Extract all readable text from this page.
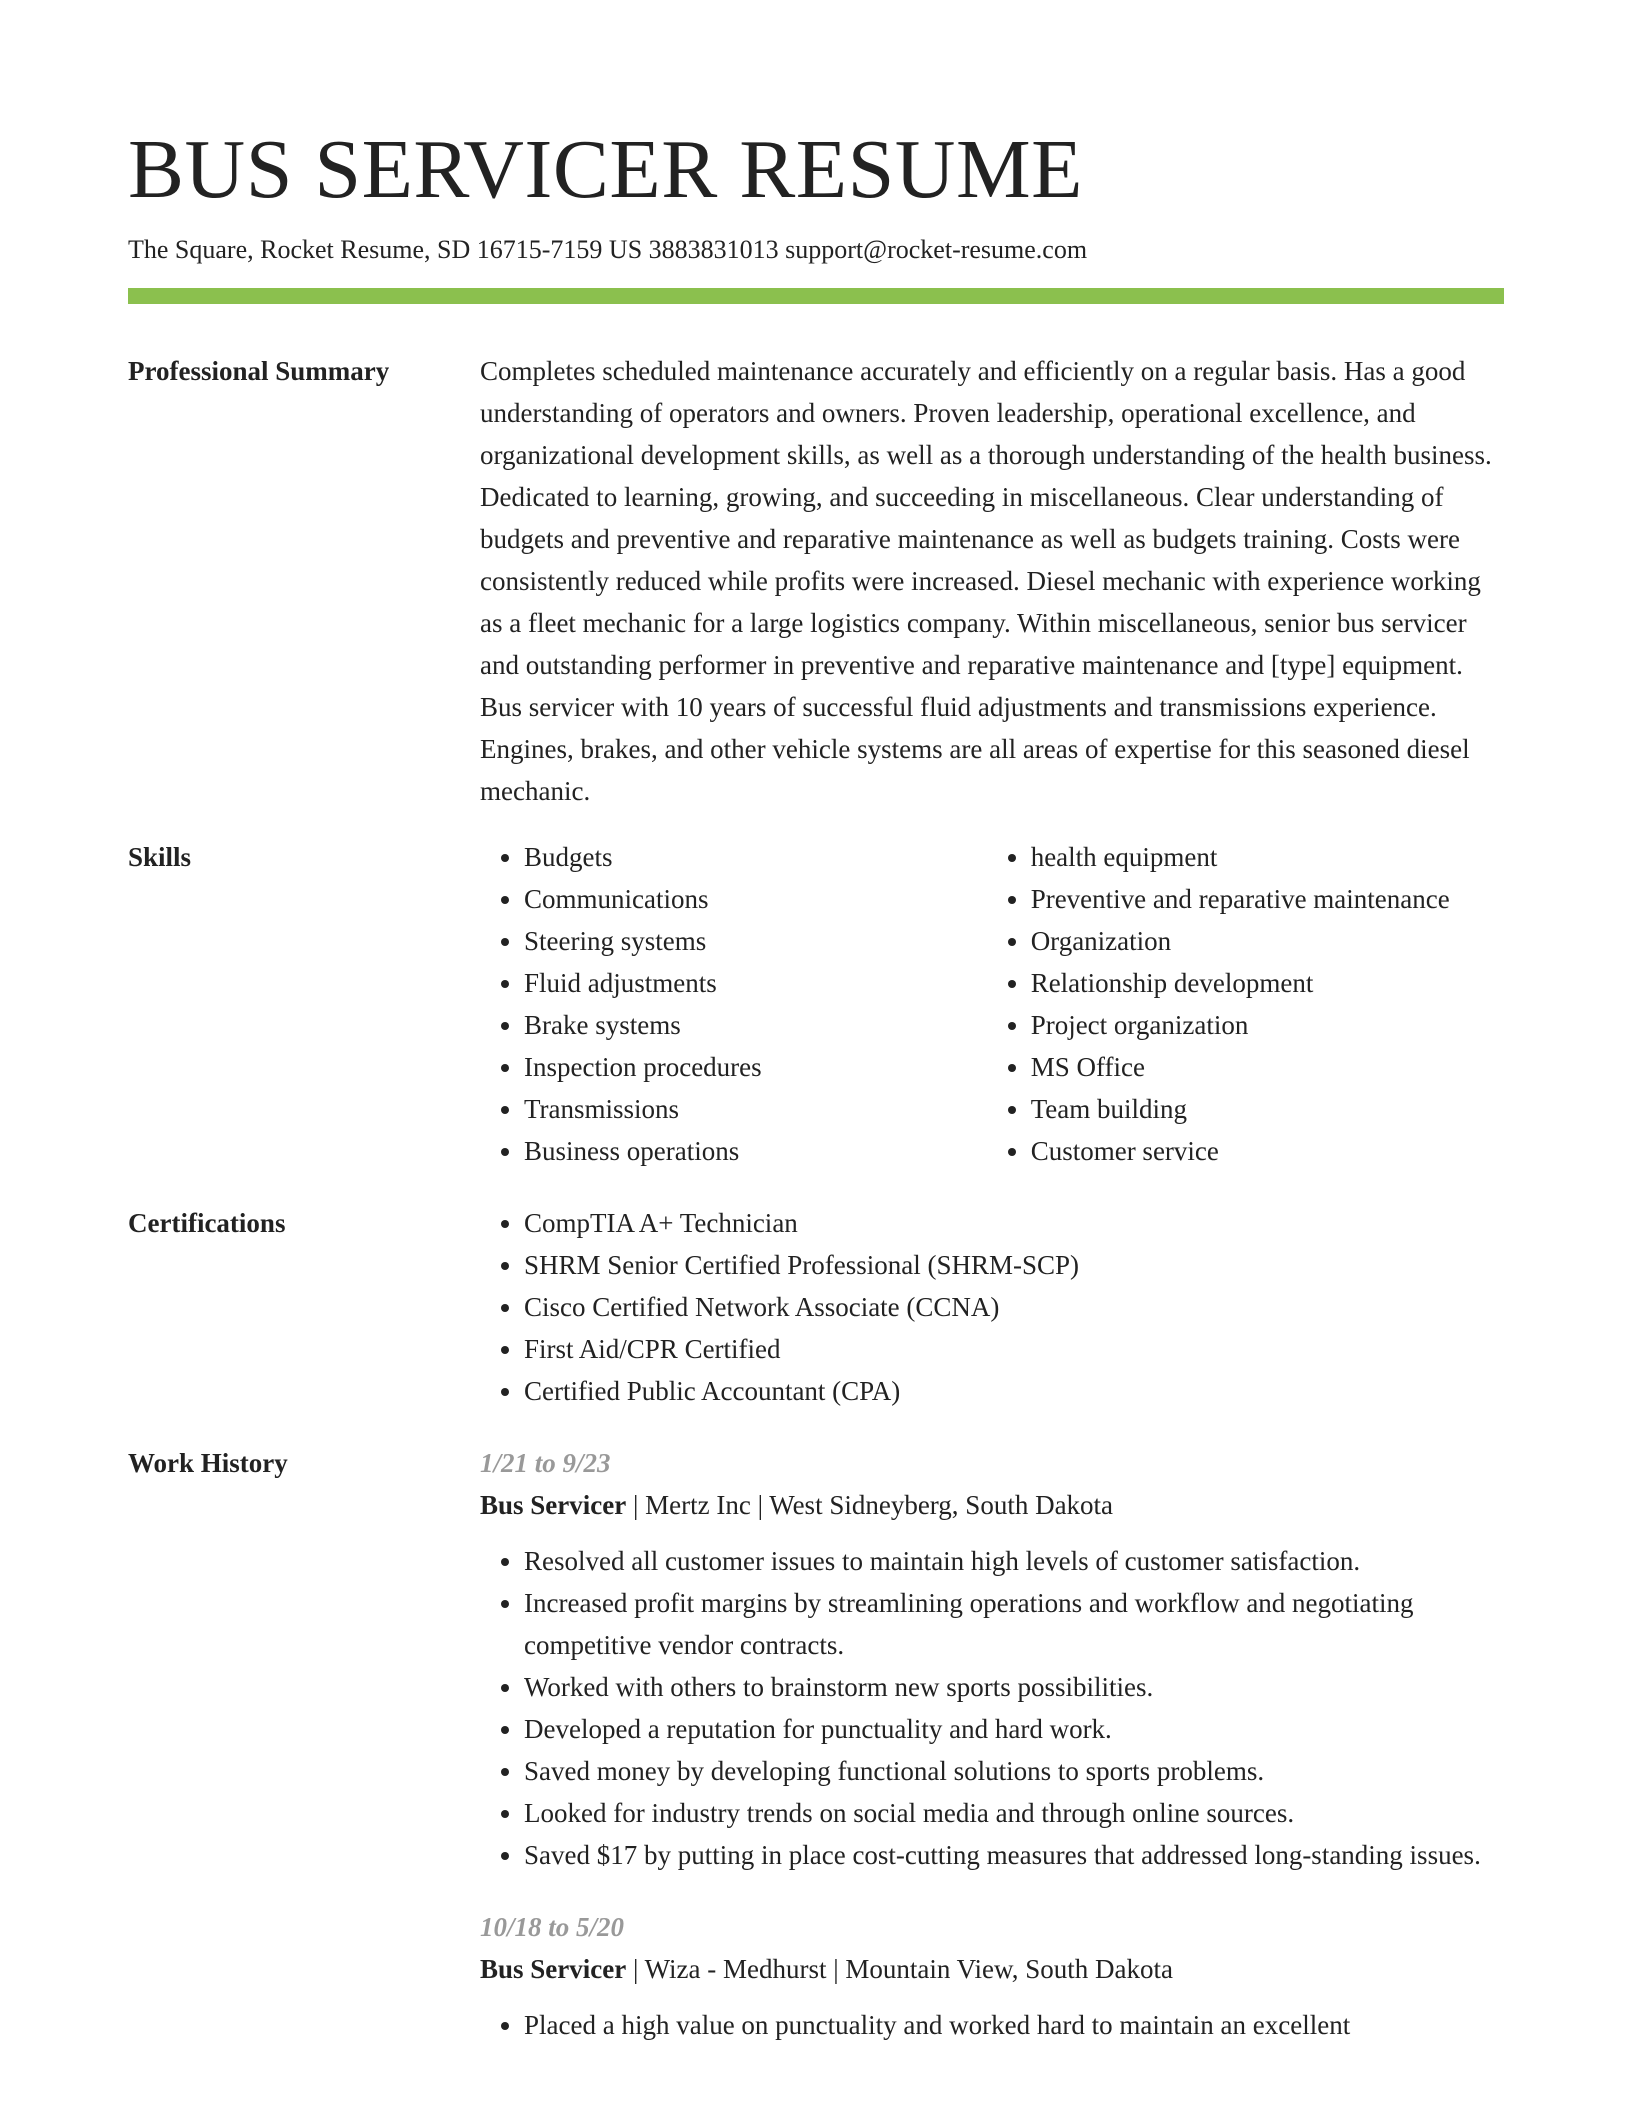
BUS SERVICER RESUME
The Square, Rocket Resume, SD 16715-7159 US 3883831013 support@rocket-resume.com
Professional Summary	Completes scheduled maintenance accurately and efficiently on a regular basis. Has a good understanding of operators and owners. Proven leadership, operational excellence, and organizational development skills, as well as a thorough understanding of the health business. Dedicated to learning, growing, and succeeding in miscellaneous. Clear understanding of budgets and preventive and reparative maintenance as well as budgets training. Costs were consistently reduced while profits were increased. Diesel mechanic with experience working as a fleet mechanic for a large logistics company. Within miscellaneous, senior bus servicer and outstanding performer in preventive and reparative maintenance and [type] equipment. Bus servicer with 10 years of successful fluid adjustments and transmissions experience. Engines, brakes, and other vehicle systems are all areas of expertise for this seasoned diesel mechanic.

Skills	• Budgets
• Communications
• Steering systems
• Fluid adjustments
• Brake systems
• Inspection procedures
• Transmissions
• Business operations
• health equipment
• Preventive and reparative maintenance
• Organization
• Relationship development
• Project organization
• MS Office
• Team building
• Customer service
Certifications	• CompTIA A+ Technician
• SHRM Senior Certified Professional (SHRM-SCP)
• Cisco Certified Network Associate (CCNA)
• First Aid/CPR Certified
• Certified Public Accountant (CPA)
Work History	1/21 to 9/23
Bus Servicer | Mertz Inc | West Sidneyberg, South Dakota
• Resolved all customer issues to maintain high levels of customer satisfaction.
• Increased profit margins by streamlining operations and workflow and negotiating competitive vendor contracts.
• Worked with others to brainstorm new sports possibilities.
• Developed a reputation for punctuality and hard work.
• Saved money by developing functional solutions to sports problems.
• Looked for industry trends on social media and through online sources.
• Saved $17 by putting in place cost-cutting measures that addressed long-standing issues.
10/18 to 5/20
Bus Servicer | Wiza - Medhurst | Mountain View, South Dakota
• Placed a high value on punctuality and worked hard to maintain an excellent
